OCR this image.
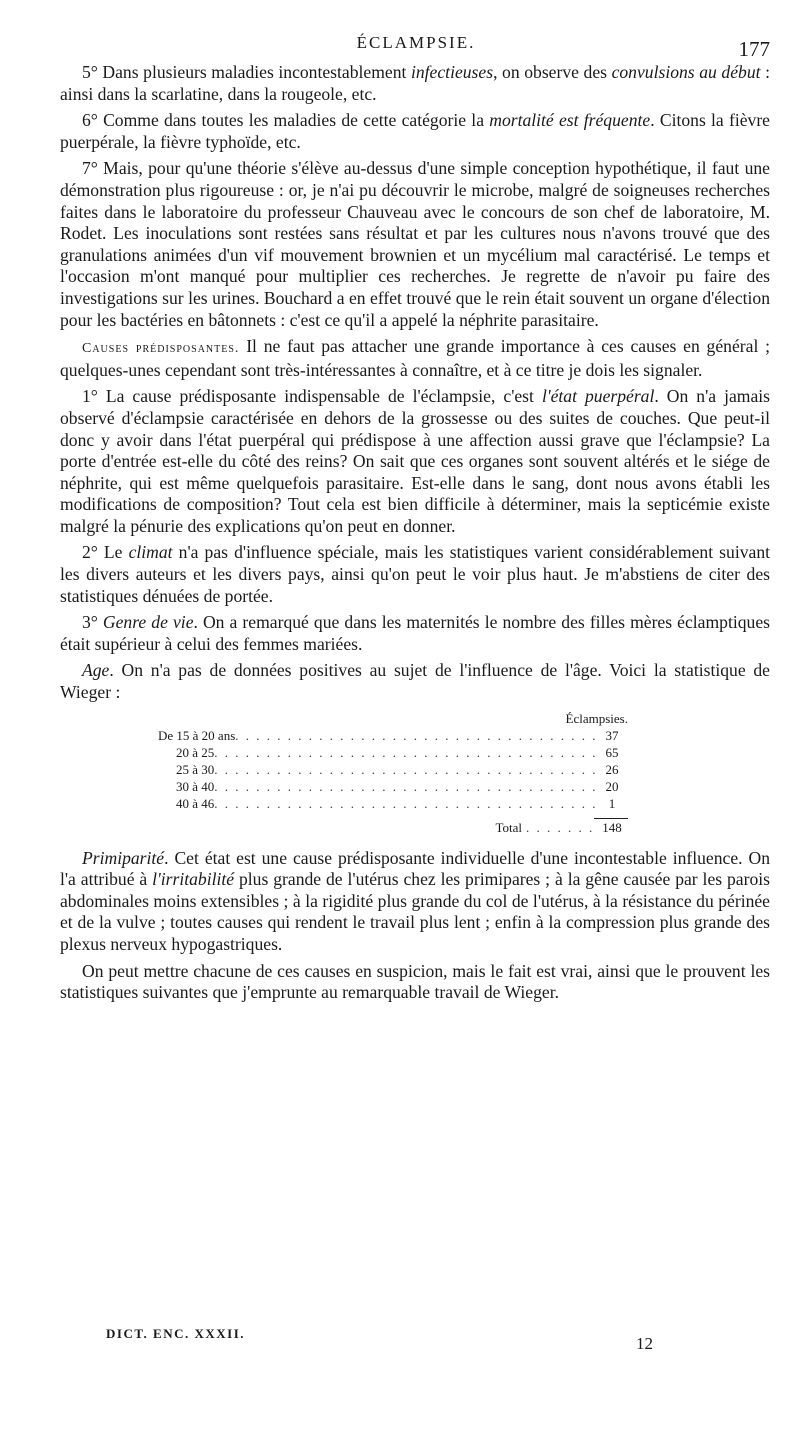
ÉCLAMPSIE.	177

5° Dans plusieurs maladies incontestablement infectieuses, on observe des convulsions au début : ainsi dans la scarlatine, dans la rougeole, etc.

6° Comme dans toutes les maladies de cette catégorie la mortalité est fréquente. Citons la fièvre puerpérale, la fièvre typhoïde, etc.

7° Mais, pour qu'une théorie s'élève au-dessus d'une simple conception hypothétique, il faut une démonstration plus rigoureuse : or, je n'ai pu découvrir le microbe, malgré de soigneuses recherches faites dans le laboratoire du professeur Chauveau avec le concours de son chef de laboratoire, M. Rodet. Les inoculations sont restées sans résultat et par les cultures nous n'avons trouvé que des granulations animées d'un vif mouvement brownien et un mycélium mal caractérisé. Le temps et l'occasion m'ont manqué pour multiplier ces recherches. Je regrette de n'avoir pu faire des investigations sur les urines. Bouchard a en effet trouvé que le rein était souvent un organe d'élection pour les bactéries en bâtonnets : c'est ce qu'il a appelé la néphrite parasitaire.

Causes prédisposantes. Il ne faut pas attacher une grande importance à ces causes en général ; quelques-unes cependant sont très-intéressantes à connaître, et à ce titre je dois les signaler.

1° La cause prédisposante indispensable de l'éclampsie, c'est l'état puerpéral. On n'a jamais observé d'éclampsie caractérisée en dehors de la grossesse ou des suites de couches. Que peut-il donc y avoir dans l'état puerpéral qui prédispose à une affection aussi grave que l'éclampsie? La porte d'entrée est-elle du côté des reins? On sait que ces organes sont souvent altérés et le siége de néphrite, qui est même quelquefois parasitaire. Est-elle dans le sang, dont nous avons établi les modifications de composition? Tout cela est bien difficile à déterminer, mais la septicémie existe malgré la pénurie des explications qu'on peut en donner.

2° Le climat n'a pas d'influence spéciale, mais les statistiques varient considérablement suivant les divers auteurs et les divers pays, ainsi qu'on peut le voir plus haut. Je m'abstiens de citer des statistiques dénuées de portée.

3° Genre de vie. On a remarqué que dans les maternités le nombre des filles mères éclamptiques était supérieur à celui des femmes mariées.

Age. On n'a pas de données positives au sujet de l'influence de l'âge. Voici la statistique de Wieger :

Éclampsies.
De 15 à 20 ans . . .	37
20 à 25 . . .	65
25 à 30 . . .	26
30 à 40 . . .	20
40 à 46 . . .	1
Total . . .	148

Primiparité. Cet état est une cause prédisposante individuelle d'une incontestable influence. On l'a attribué à l'irritabilité plus grande de l'utérus chez les primipares ; à la gêne causée par les parois abdominales moins extensibles ; à la rigidité plus grande du col de l'utérus, à la résistance du périnée et de la vulve ; toutes causes qui rendent le travail plus lent ; enfin à la compression plus grande des plexus nerveux hypogastriques.

On peut mettre chacune de ces causes en suspicion, mais le fait est vrai, ainsi que le prouvent les statistiques suivantes que j'emprunte au remarquable travail de Wieger.

DICT. ENC. XXXII.
12
